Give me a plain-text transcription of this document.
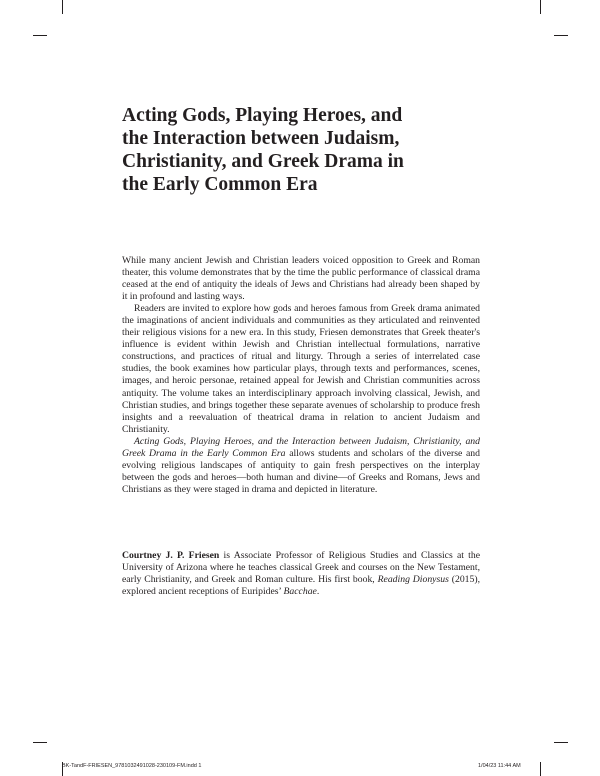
Acting Gods, Playing Heroes, and
the Interaction between Judaism,
Christianity, and Greek Drama in
the Early Common Era

While many ancient Jewish and Christian leaders voiced opposition to Greek and Roman theater, this volume demonstrates that by the time the public performance of classical drama ceased at the end of antiquity the ideals of Jews and Christians had already been shaped by it in profound and lasting ways.

Readers are invited to explore how gods and heroes famous from Greek drama animated the imaginations of ancient individuals and communities as they articulated and reinvented their religious visions for a new era. In this study, Friesen demonstrates that Greek theater's influence is evident within Jewish and Christian intellectual formulations, narrative constructions, and practices of ritual and liturgy. Through a series of interrelated case studies, the book examines how particular plays, through texts and performances, scenes, images, and heroic personae, retained appeal for Jewish and Christian communities across antiquity. The volume takes an interdisciplinary approach involving classical, Jewish, and Christian studies, and brings together these separate avenues of scholarship to produce fresh insights and a reevaluation of theatrical drama in relation to ancient Judaism and Christianity.

Acting Gods, Playing Heroes, and the Interaction between Judaism, Christianity, and Greek Drama in the Early Common Era allows students and scholars of the diverse and evolving religious landscapes of antiquity to gain fresh perspectives on the interplay between the gods and heroes—both human and divine—of Greeks and Romans, Jews and Christians as they were staged in drama and depicted in literature.

Courtney J. P. Friesen is Associate Professor of Religious Studies and Classics at the University of Arizona where he teaches classical Greek and courses on the New Testament, early Christianity, and Greek and Roman culture. His first book, Reading Dionysus (2015), explored ancient receptions of Euripides’ Bacchae.

BK-TandF-FRIESEN_9781032491028-230109-FM.indd 1	1/04/23 11:44 AM
